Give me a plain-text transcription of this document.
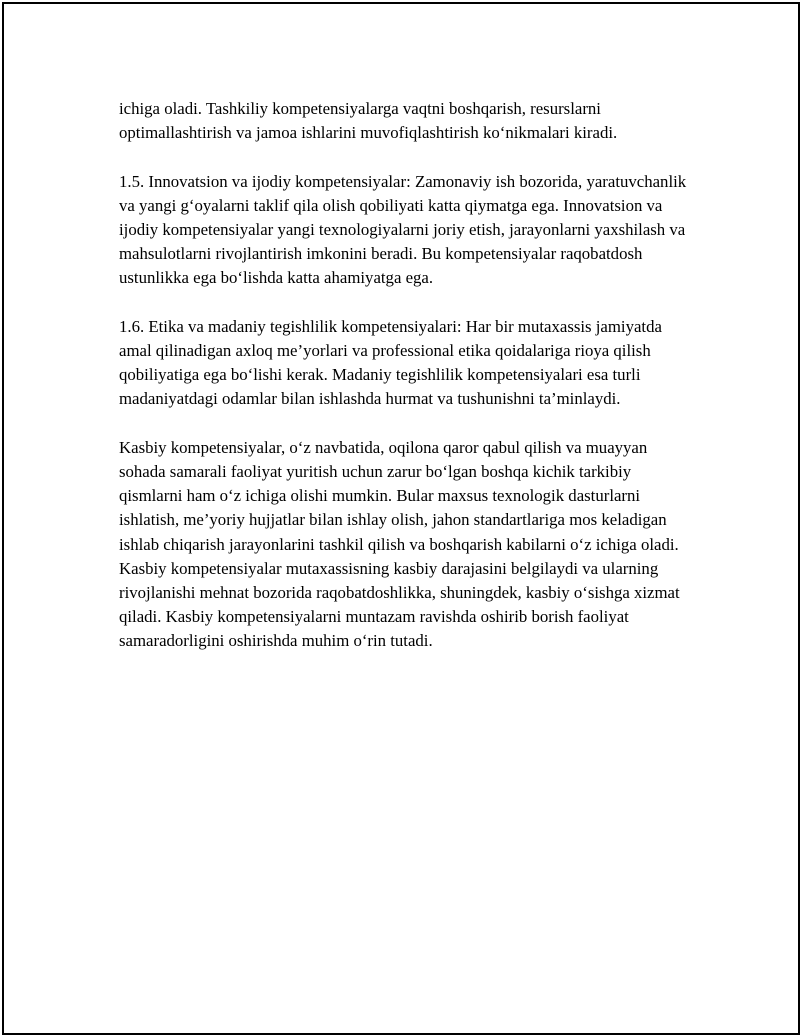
ichiga oladi. Tashkiliy kompetensiyalarga vaqtni boshqarish, resurslarni optimallashtirish va jamoa ishlarini muvofiqlashtirish ko‘nikmalari kiradi.

1.5. Innovatsion va ijodiy kompetensiyalar: Zamonaviy ish bozorida, yaratuvchanlik va yangi g‘oyalarni taklif qila olish qobiliyati katta qiymatga ega. Innovatsion va ijodiy kompetensiyalar yangi texnologiyalarni joriy etish, jarayonlarni yaxshilash va mahsulotlarni rivojlantirish imkonini beradi. Bu kompetensiyalar raqobatdosh ustunlikka ega bo‘lishda katta ahamiyatga ega.

1.6. Etika va madaniy tegishlilik kompetensiyalari: Har bir mutaxassis jamiyatda amal qilinadigan axloq me’yorlari va professional etika qoidalariga rioya qilish qobiliyatiga ega bo‘lishi kerak. Madaniy tegishlilik kompetensiyalari esa turli madaniyatdagi odamlar bilan ishlashda hurmat va tushunishni ta’minlaydi.

Kasbiy kompetensiyalar, o‘z navbatida, oqilona qaror qabul qilish va muayyan sohada samarali faoliyat yuritish uchun zarur bo‘lgan boshqa kichik tarkibiy qismlarni ham o‘z ichiga olishi mumkin. Bular maxsus texnologik dasturlarni ishlatish, me’yoriy hujjatlar bilan ishlay olish, jahon standartlariga mos keladigan ishlab chiqarish jarayonlarini tashkil qilish va boshqarish kabilarni o‘z ichiga oladi. Kasbiy kompetensiyalar mutaxassisning kasbiy darajasini belgilaydi va ularning rivojlanishi mehnat bozorida raqobatdoshlikka, shuningdek, kasbiy o‘sishga xizmat qiladi. Kasbiy kompetensiyalarni muntazam ravishda oshirib borish faoliyat samaradorligini oshirishda muhim o‘rin tutadi.
